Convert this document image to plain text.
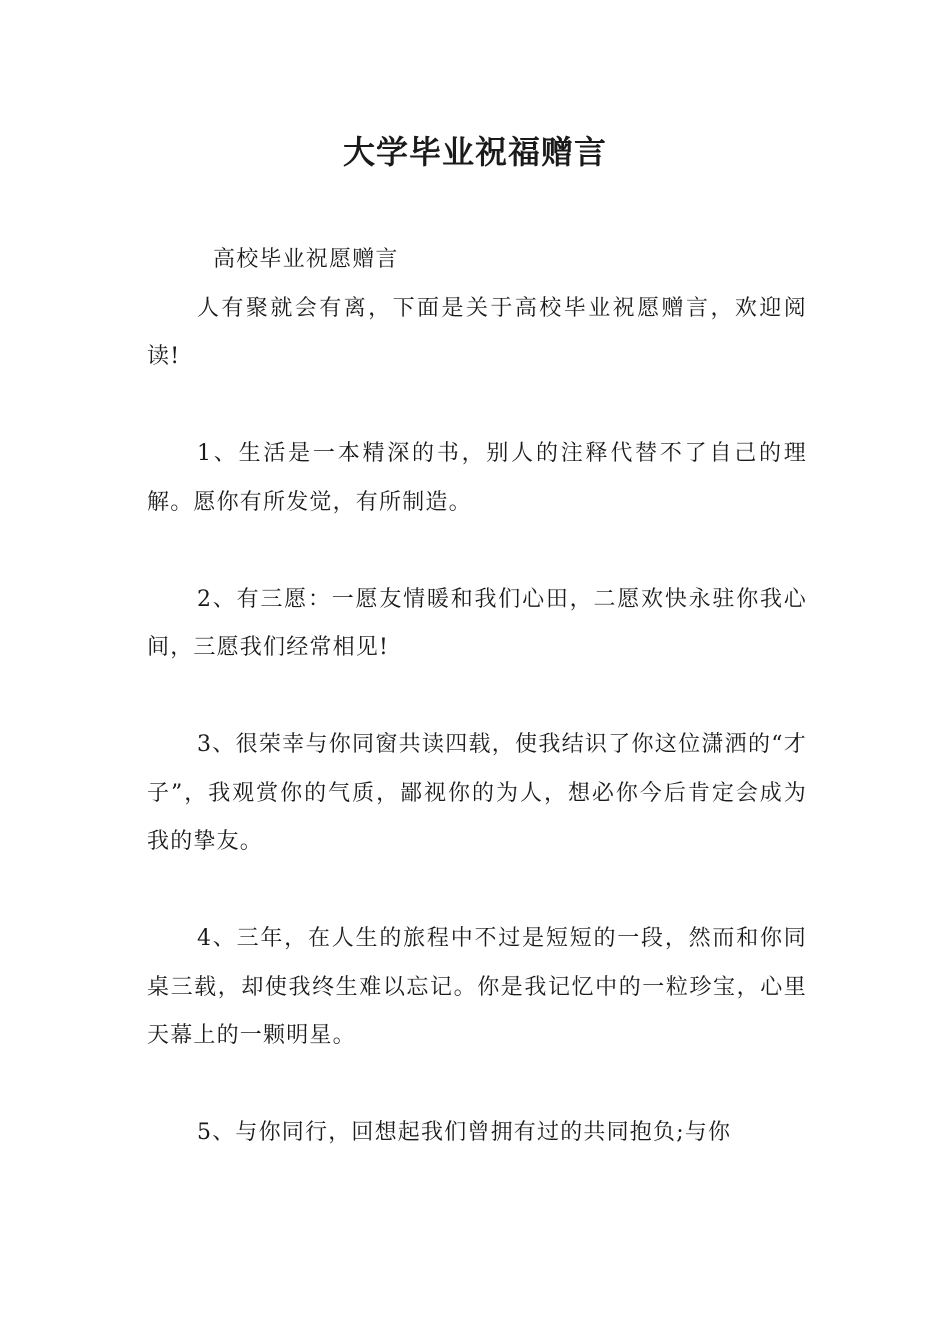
大学毕业祝福赠言

高校毕业祝愿赠言

人有聚就会有离，下面是关于高校毕业祝愿赠言，欢迎阅读!

1、生活是一本精深的书，别人的注释代替不了自己的理解。愿你有所发觉，有所制造。

2、有三愿：一愿友情暖和我们心田，二愿欢快永驻你我心间，三愿我们经常相见!

3、很荣幸与你同窗共读四载，使我结识了你这位潇洒的“才子”，我观赏你的气质，鄙视你的为人，想必你今后肯定会成为我的挚友。

4、三年，在人生的旅程中不过是短短的一段，然而和你同桌三载，却使我终生难以忘记。你是我记忆中的一粒珍宝，心里天幕上的一颗明星。

5、与你同行，回想起我们曾拥有过的共同抱负;与你
